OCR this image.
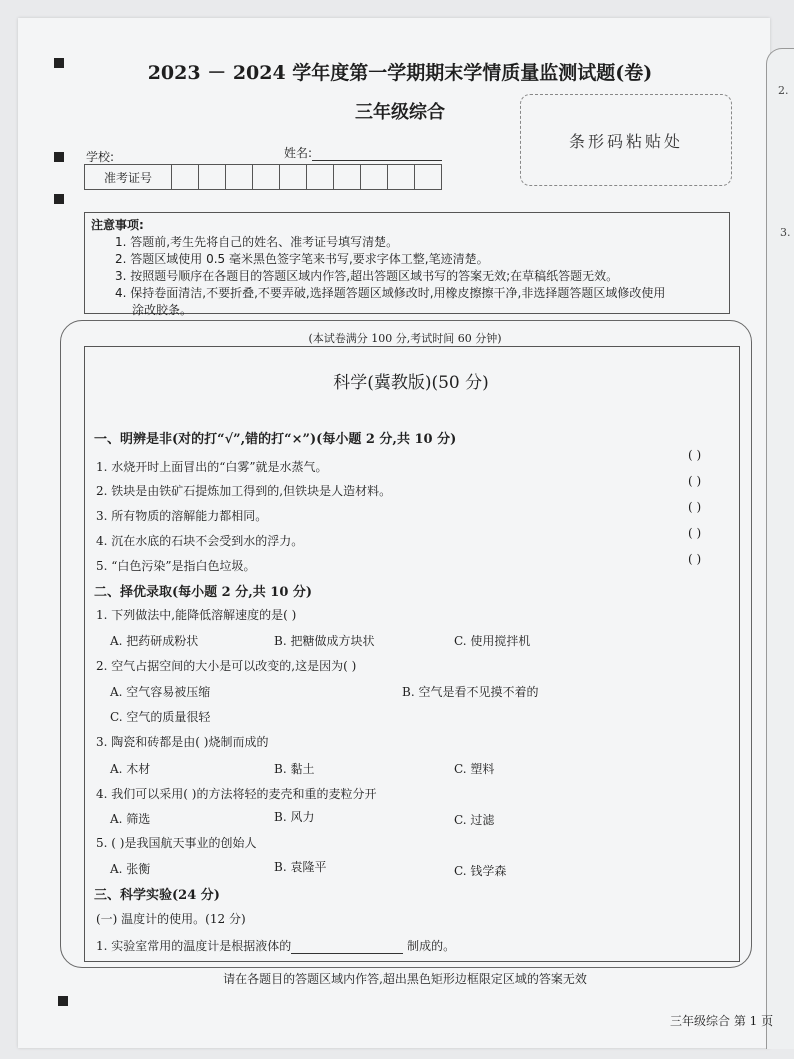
2.
3.
2023 － 2024 学年度第一学期期末学情质量监测试题(卷)
三年级综合
条形码粘贴处
学校:	姓名:
准考证号
注意事项:
1. 答题前,考生先将自己的姓名、准考证号填写清楚。
2. 答题区域使用 0.5 毫米黑色签字笔来书写,要求字体工整,笔迹清楚。
3. 按照题号顺序在各题目的答题区域内作答,超出答题区域书写的答案无效;在草稿纸答题无效。
4. 保持卷面清洁,不要折叠,不要弄破,选择题答题区域修改时,用橡皮擦擦干净,非选择题答题区域修改使用
涂改胶条。
(本试卷满分 100 分,考试时间 60 分钟)
科学(冀教版)(50 分)
一、明辨是非(对的打“√”,错的打“×”)(每小题 2 分,共 10 分)
1. 水烧开时上面冒出的“白雾”就是水蒸气。
2. 铁块是由铁矿石提炼加工得到的,但铁块是人造材料。
3. 所有物质的溶解能力都相同。
4. 沉在水底的石块不会受到水的浮力。
5. “白色污染”是指白色垃圾。
( )
( )
( )
( )
( )
二、择优录取(每小题 2 分,共 10 分)
1. 下列做法中,能降低溶解速度的是( )
A. 把药研成粉状	B. 把糖做成方块状	C. 使用搅拌机
2. 空气占据空间的大小是可以改变的,这是因为( )
A. 空气容易被压缩	B. 空气是看不见摸不着的
C. 空气的质量很轻
3. 陶瓷和砖都是由( )烧制而成的
A. 木材	B. 黏土	C. 塑料
4. 我们可以采用( )的方法将轻的麦壳和重的麦粒分开
A. 筛选	B. 风力	C. 过滤
5. ( )是我国航天事业的创始人
A. 张衡	B. 袁隆平	C. 钱学森
三、科学实验(24 分)
(一) 温度计的使用。(12 分)
1. 实验室常用的温度计是根据液体的	制成的。
请在各题目的答题区域内作答,超出黑色矩形边框限定区域的答案无效
三年级综合 第 1 页
